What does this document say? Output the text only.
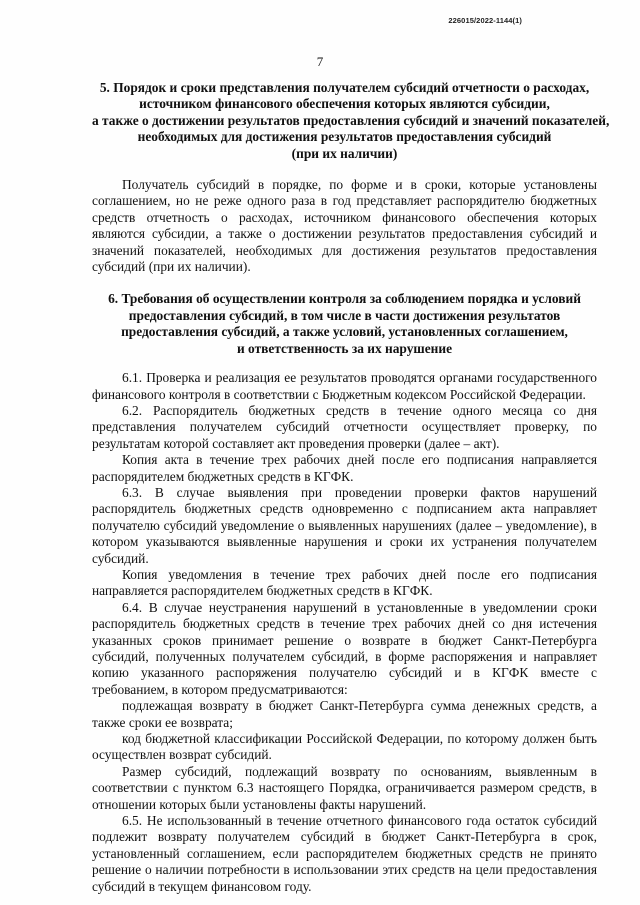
226015/2022-1144(1)
7
5. Порядок и сроки представления получателем субсидий отчетности о расходах,
источником финансового обеспечения которых являются субсидии,
а также о достижении результатов предоставления субсидий и значений показателей,
необходимых для достижения результатов предоставления субсидий
(при их наличии)

Получатель субсидий в порядке, по форме и в сроки, которые установлены соглашением, но не реже одного раза в год представляет распорядителю бюджетных средств отчетность о расходах, источником финансового обеспечения которых являются субсидии, а также о достижении результатов предоставления субсидий и значений показателей, необходимых для достижения результатов предоставления субсидий (при их наличии).

6. Требования об осуществлении контроля за соблюдением порядка и условий
предоставления субсидий, в том числе в части достижения результатов
предоставления субсидий, а также условий, установленных соглашением,
и ответственность за их нарушение

6.1. Проверка и реализация ее результатов проводятся органами государственного финансового контроля в соответствии с Бюджетным кодексом Российской Федерации.

6.2. Распорядитель бюджетных средств в течение одного месяца со дня представления получателем субсидий отчетности осуществляет проверку, по результатам которой составляет акт проведения проверки (далее – акт).

Копия акта в течение трех рабочих дней после его подписания направляется распорядителем бюджетных средств в КГФК.

6.3. В случае выявления при проведении проверки фактов нарушений распорядитель бюджетных средств одновременно с подписанием акта направляет получателю субсидий уведомление о выявленных нарушениях (далее – уведомление), в котором указываются выявленные нарушения и сроки их устранения получателем субсидий.

Копия уведомления в течение трех рабочих дней после его подписания направляется распорядителем бюджетных средств в КГФК.

6.4. В случае неустранения нарушений в установленные в уведомлении сроки распорядитель бюджетных средств в течение трех рабочих дней со дня истечения указанных сроков принимает решение о возврате в бюджет Санкт-Петербурга субсидий, полученных получателем субсидий, в форме распоряжения и направляет копию указанного распоряжения получателю субсидий и в КГФК вместе с требованием, в котором предусматриваются:

подлежащая возврату в бюджет Санкт-Петербурга сумма денежных средств, а также сроки ее возврата;

код бюджетной классификации Российской Федерации, по которому должен быть осуществлен возврат субсидий.

Размер субсидий, подлежащий возврату по основаниям, выявленным в соответствии с пунктом 6.3 настоящего Порядка, ограничивается размером средств, в отношении которых были установлены факты нарушений.

6.5. Не использованный в течение отчетного финансового года остаток субсидий подлежит возврату получателем субсидий в бюджет Санкт-Петербурга в срок, установленный соглашением, если распорядителем бюджетных средств не принято решение о наличии потребности в использовании этих средств на цели предоставления субсидий в текущем финансовом году.
